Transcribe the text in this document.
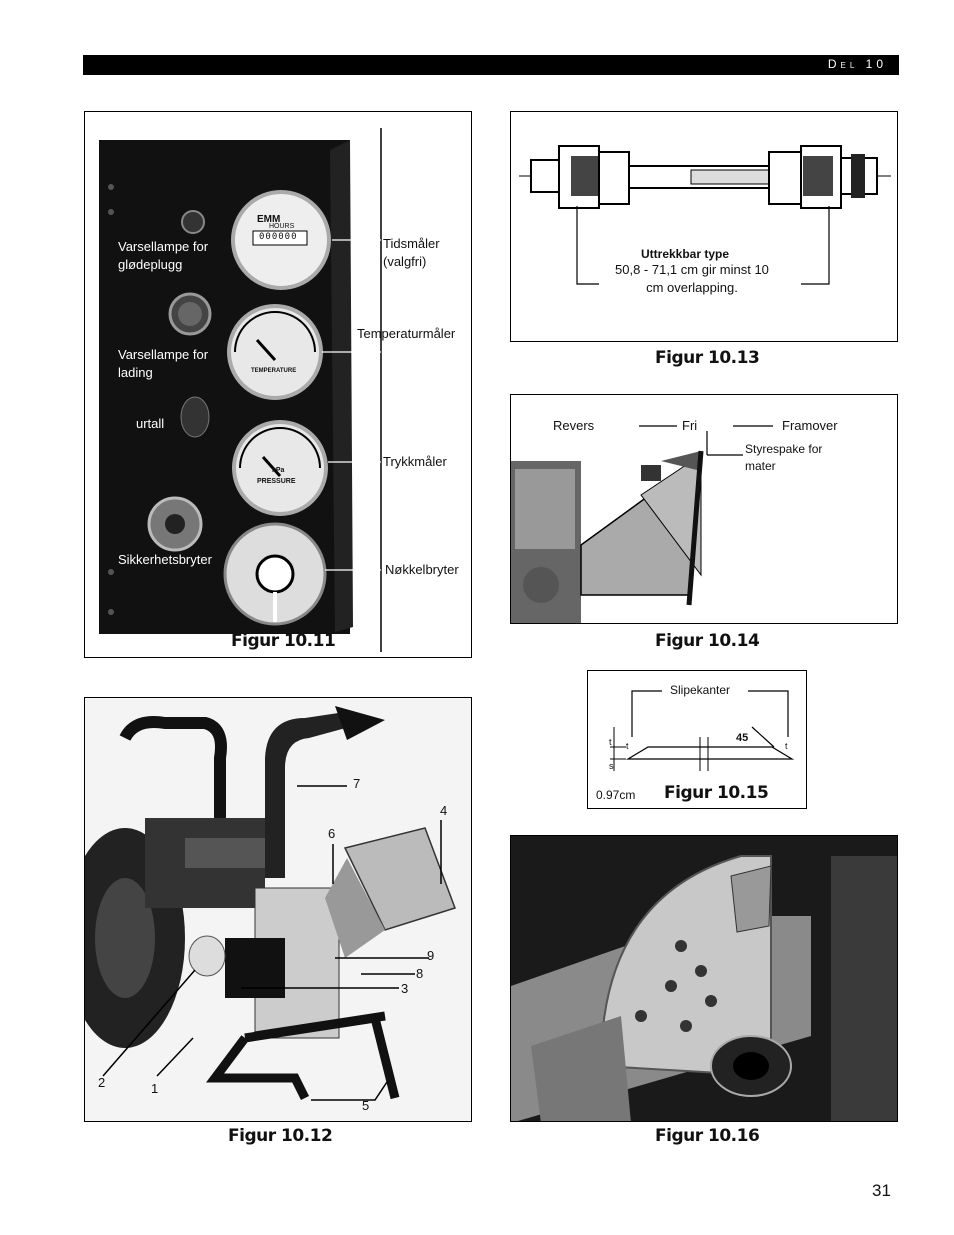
Del 10
EMM
HOURS
000000
TEMPERATURE
kPa
PRESSURE
Varsellampe for
glødeplugg
Varsellampe for
lading
urtall
Sikkerhetsbryter
Tidsmåler
(valgfri)
Temperaturmåler
Trykkmåler
Nøkkelbryter
Figur 10.11
Uttrekkbar type
50,8 - 71,1 cm gir minst 10
cm overlapping.
Figur 10.13
Revers	Fri	Framover
Styrespake for
mater
Figur 10.14
Slipekanter
45
t t	t
s
0.97cm Figur 10.15
7
6
4
9
8
3
2	1
5
Figur 10.12	Figur 10.16
31
